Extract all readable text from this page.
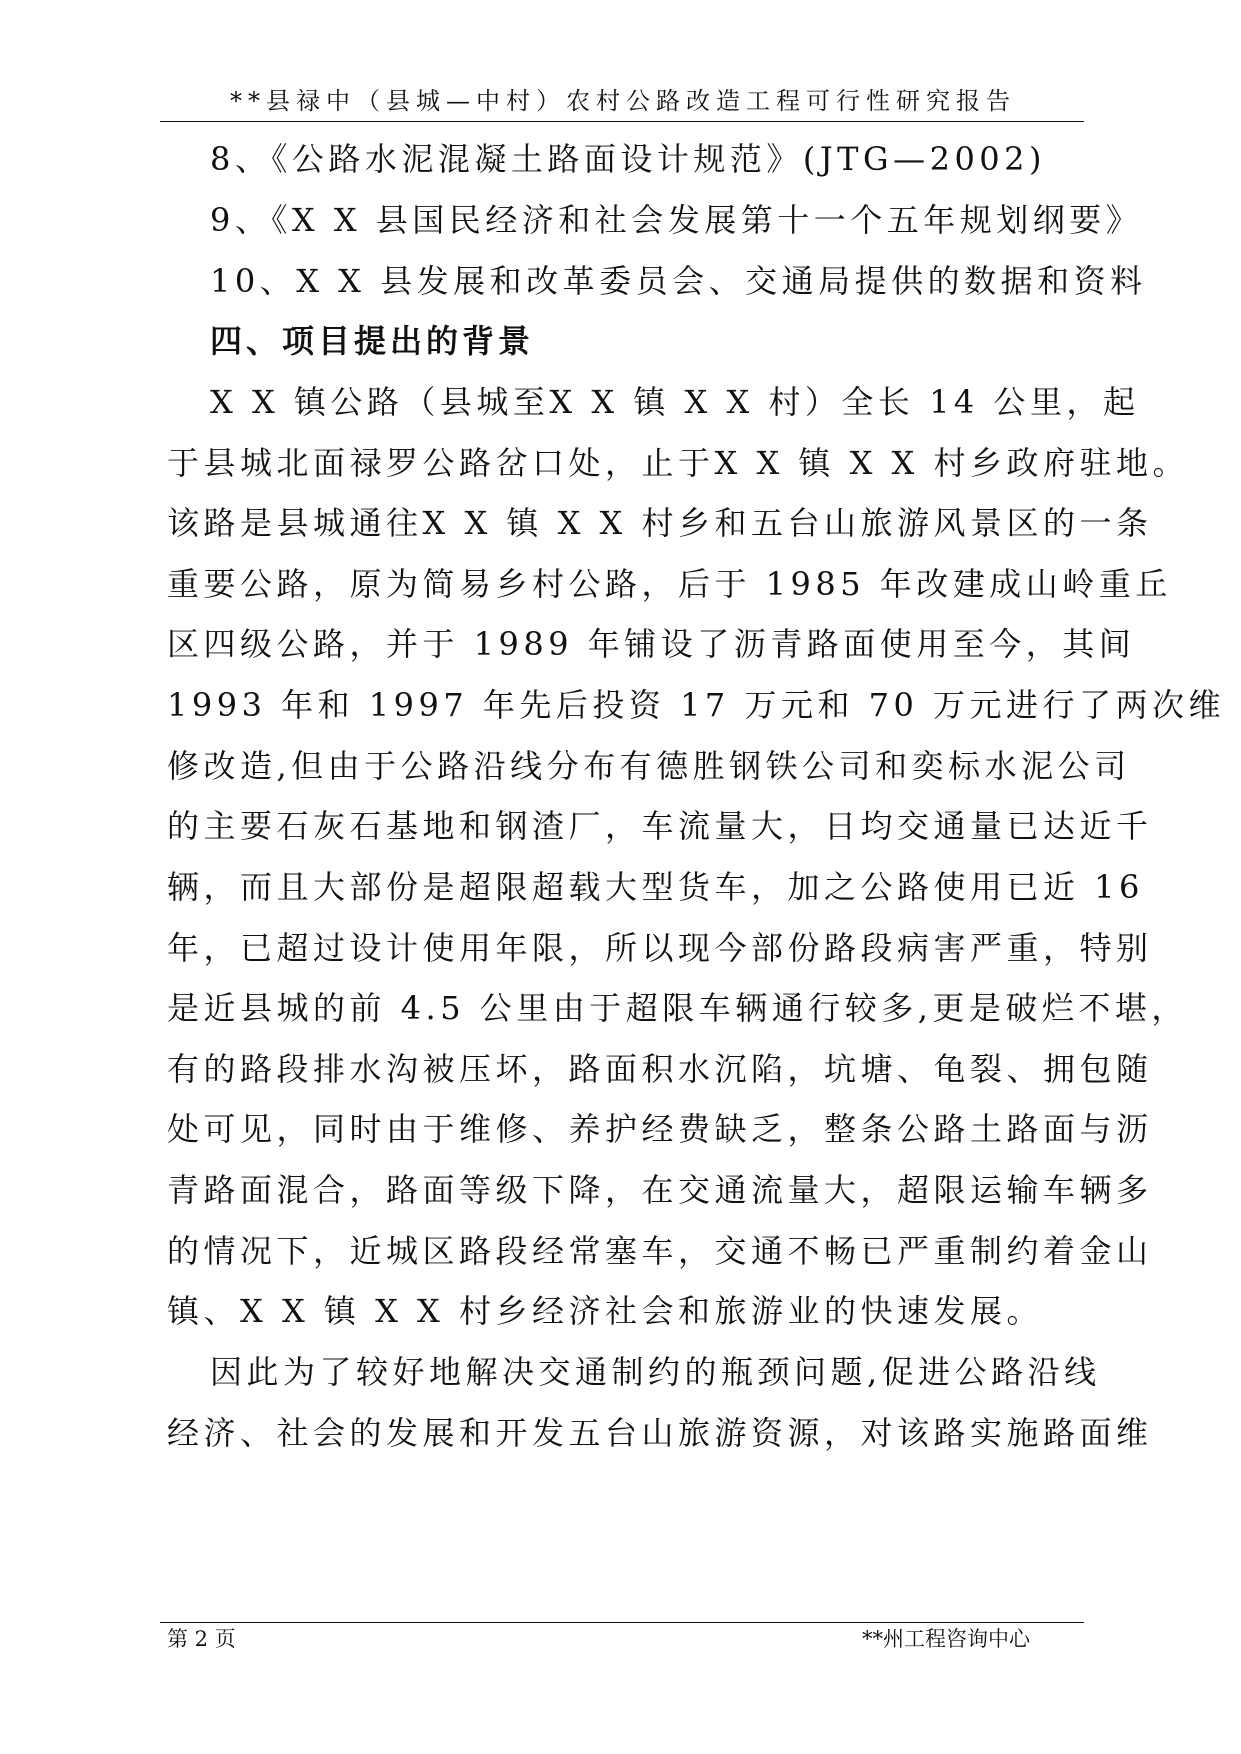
**县禄中（县城—中村）农村公路改造工程可行性研究报告
8、《公路水泥混凝土路面设计规范》(JTG—2002)
9、《X X 县国民经济和社会发展第十一个五年规划纲要》
10、X X 县发展和改革委员会、交通局提供的数据和资料
四、项目提出的背景
X X 镇公路（县城至X X 镇 X X 村）全长 14 公里，起
于县城北面禄罗公路岔口处，止于X X 镇 X X 村乡政府驻地。
该路是县城通往X X 镇 X X 村乡和五台山旅游风景区的一条
重要公路，原为简易乡村公路，后于 1985 年改建成山岭重丘
区四级公路，并于 1989 年铺设了沥青路面使用至今，其间
1993 年和 1997 年先后投资 17 万元和 70 万元进行了两次维
修改造,但由于公路沿线分布有德胜钢铁公司和奕标水泥公司
的主要石灰石基地和钢渣厂，车流量大，日均交通量已达近千
辆，而且大部份是超限超载大型货车，加之公路使用已近 16
年，已超过设计使用年限，所以现今部份路段病害严重，特别
是近县城的前 4.5 公里由于超限车辆通行较多,更是破烂不堪，
有的路段排水沟被压坏，路面积水沉陷，坑塘、龟裂、拥包随
处可见，同时由于维修、养护经费缺乏，整条公路土路面与沥
青路面混合，路面等级下降，在交通流量大，超限运输车辆多
的情况下，近城区路段经常塞车，交通不畅已严重制约着金山
镇、X X 镇 X X 村乡经济社会和旅游业的快速发展。
因此为了较好地解决交通制约的瓶颈问题,促进公路沿线
经济、社会的发展和开发五台山旅游资源，对该路实施路面维
第 2 页	**州工程咨询中心
